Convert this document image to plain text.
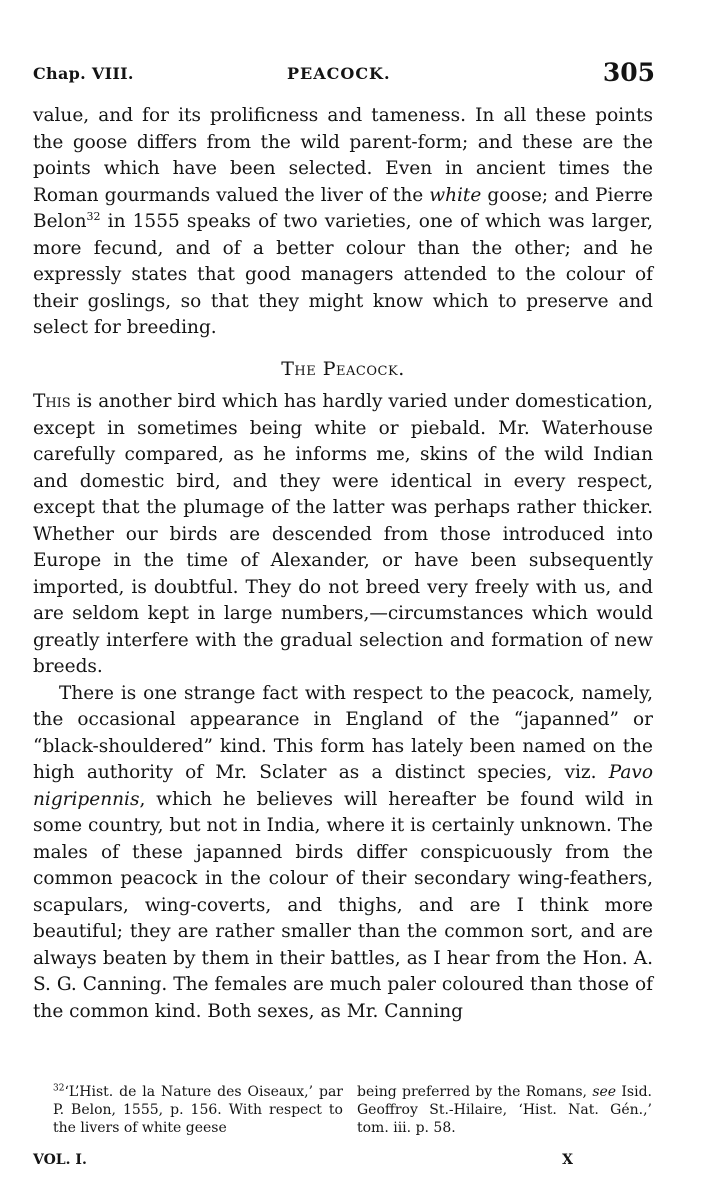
Chap. VIII.	PEACOCK.	305

value, and for its prolificness and tameness. In all these points the goose differs from the wild parent-form; and these are the points which have been selected. Even in ancient times the Roman gourmands valued the liver of the white goose; and Pierre Belon$^{32}$ in 1555 speaks of two varieties, one of which was larger, more fecund, and of a better colour than the other; and he expressly states that good managers attended to the colour of their goslings, so that they might know which to preserve and select for breeding.

The Peacock.

This is another bird which has hardly varied under domestication, except in sometimes being white or piebald. Mr. Waterhouse carefully compared, as he informs me, skins of the wild Indian and domestic bird, and they were identical in every respect, except that the plumage of the latter was perhaps rather thicker. Whether our birds are descended from those introduced into Europe in the time of Alexander, or have been subsequently imported, is doubtful. They do not breed very freely with us, and are seldom kept in large numbers,—circumstances which would greatly interfere with the gradual selection and formation of new breeds.

There is one strange fact with respect to the peacock, namely, the occasional appearance in England of the “japanned” or “black-shouldered” kind. This form has lately been named on the high authority of Mr. Sclater as a distinct species, viz. Pavo nigripennis, which he believes will hereafter be found wild in some country, but not in India, where it is certainly unknown. The males of these japanned birds differ conspicuously from the common peacock in the colour of their secondary wing-feathers, scapulars, wing-coverts, and thighs, and are I think more beautiful; they are rather smaller than the common sort, and are always beaten by them in their battles, as I hear from the Hon. A. S. G. Canning. The females are much paler coloured than those of the common kind. Both sexes, as Mr. Canning

$^{32}$‘L’Hist. de la Nature des Oiseaux,’ par P. Belon, 1555, p. 156. With respect to the livers of white geese
being preferred by the Romans, see Isid. Geoffroy St.-Hilaire, ‘Hist. Nat. Gén.,’ tom. iii. p. 58.
VOL. I.	X
